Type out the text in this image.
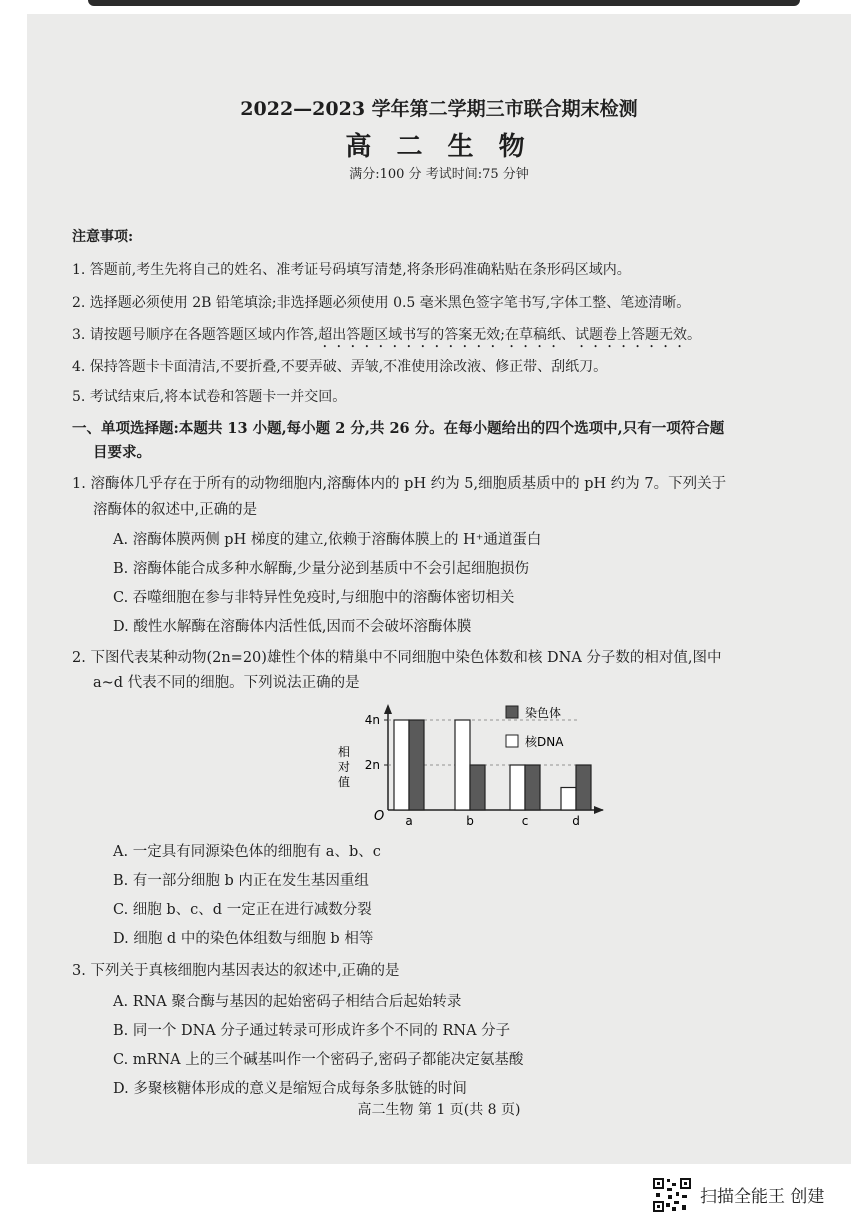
2022—2023 学年第二学期三市联合期末检测
高 二 生 物
满分:100 分 考试时间:75 分钟
注意事项:
1. 答题前,考生先将自己的姓名、准考证号码填写清楚,将条形码准确粘贴在条形码区域内。
2. 选择题必须使用 2B 铅笔填涂;非选择题必须使用 0.5 毫米黑色签字笔书写,字体工整、笔迹清晰。
3. 请按题号顺序在各题答题区域内作答,超出答题区域书写的答案无效;在草稿纸、试题卷上答题无效。
4. 保持答题卡卡面清洁,不要折叠,不要弄破、弄皱,不准使用涂改液、修正带、刮纸刀。
5. 考试结束后,将本试卷和答题卡一并交回。
一、单项选择题:本题共 13 小题,每小题 2 分,共 26 分。在每小题给出的四个选项中,只有一项符合题
目要求。
1. 溶酶体几乎存在于所有的动物细胞内,溶酶体内的 pH 约为 5,细胞质基质中的 pH 约为 7。下列关于
溶酶体的叙述中,正确的是
A. 溶酶体膜两侧 pH 梯度的建立,依赖于溶酶体膜上的 H⁺通道蛋白
B. 溶酶体能合成多种水解酶,少量分泌到基质中不会引起细胞损伤
C. 吞噬细胞在参与非特异性免疫时,与细胞中的溶酶体密切相关
D. 酸性水解酶在溶酶体内活性低,因而不会破坏溶酶体膜
2. 下图代表某种动物(2n=20)雄性个体的精巢中不同细胞中染色体数和核 DNA 分子数的相对值,图中
a~d 代表不同的细胞。下列说法正确的是
O
2n
4n
相
对
值
a	b	c	d
染色体
核DNA
A. 一定具有同源染色体的细胞有 a、b、c
B. 有一部分细胞 b 内正在发生基因重组
C. 细胞 b、c、d 一定正在进行减数分裂
D. 细胞 d 中的染色体组数与细胞 b 相等
3. 下列关于真核细胞内基因表达的叙述中,正确的是
A. RNA 聚合酶与基因的起始密码子相结合后起始转录
B. 同一个 DNA 分子通过转录可形成许多个不同的 RNA 分子
C. mRNA 上的三个碱基叫作一个密码子,密码子都能决定氨基酸
D. 多聚核糖体形成的意义是缩短合成每条多肽链的时间
高二生物 第 1 页(共 8 页)
扫描全能王 创建
